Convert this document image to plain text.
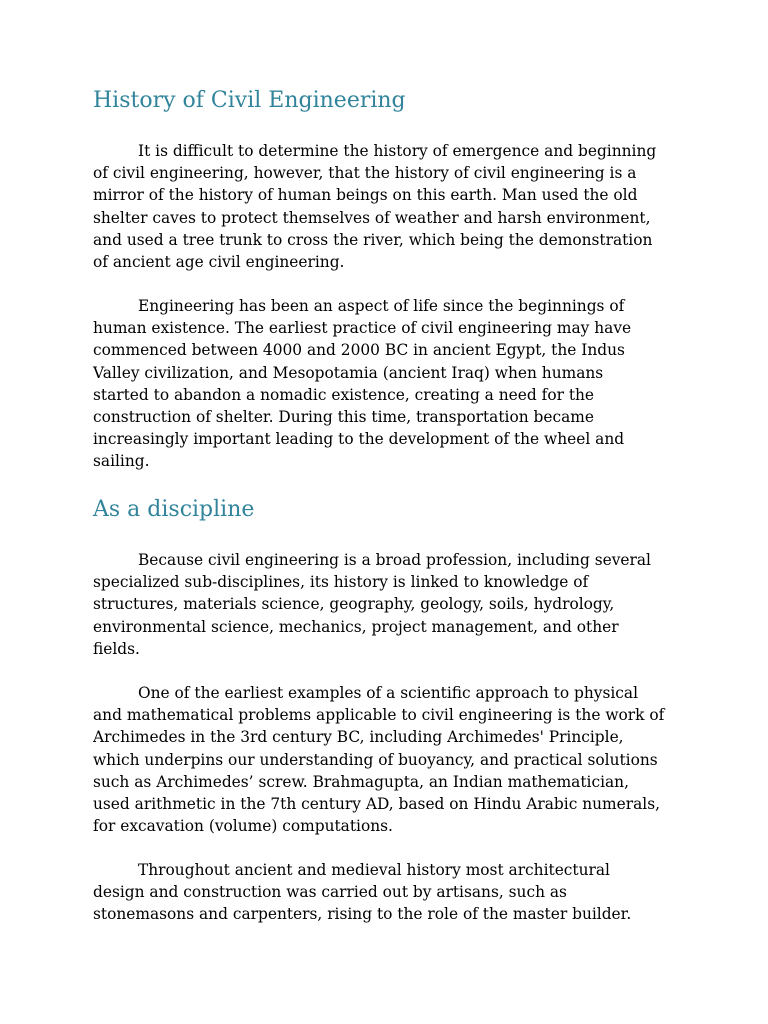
History of Civil Engineering

It is difficult to determine the history of emergence and beginning
of civil engineering, however, that the history of civil engineering is a
mirror of the history of human beings on this earth. Man used the old
shelter caves to protect themselves of weather and harsh environment,
and used a tree trunk to cross the river, which being the demonstration
of ancient age civil engineering.

Engineering has been an aspect of life since the beginnings of
human existence. The earliest practice of civil engineering may have
commenced between 4000 and 2000 BC in ancient Egypt, the Indus
Valley civilization, and Mesopotamia (ancient Iraq) when humans
started to abandon a nomadic existence, creating a need for the
construction of shelter. During this time, transportation became
increasingly important leading to the development of the wheel and
sailing.

As a discipline

Because civil engineering is a broad profession, including several
specialized sub-disciplines, its history is linked to knowledge of
structures, materials science, geography, geology, soils, hydrology,
environmental science, mechanics, project management, and other
fields.

One of the earliest examples of a scientific approach to physical
and mathematical problems applicable to civil engineering is the work of
Archimedes in the 3rd century BC, including Archimedes' Principle,
which underpins our understanding of buoyancy, and practical solutions
such as Archimedes’ screw. Brahmagupta, an Indian mathematician,
used arithmetic in the 7th century AD, based on Hindu Arabic numerals,
for excavation (volume) computations.

Throughout ancient and medieval history most architectural
design and construction was carried out by artisans, such as
stonemasons and carpenters, rising to the role of the master builder.
